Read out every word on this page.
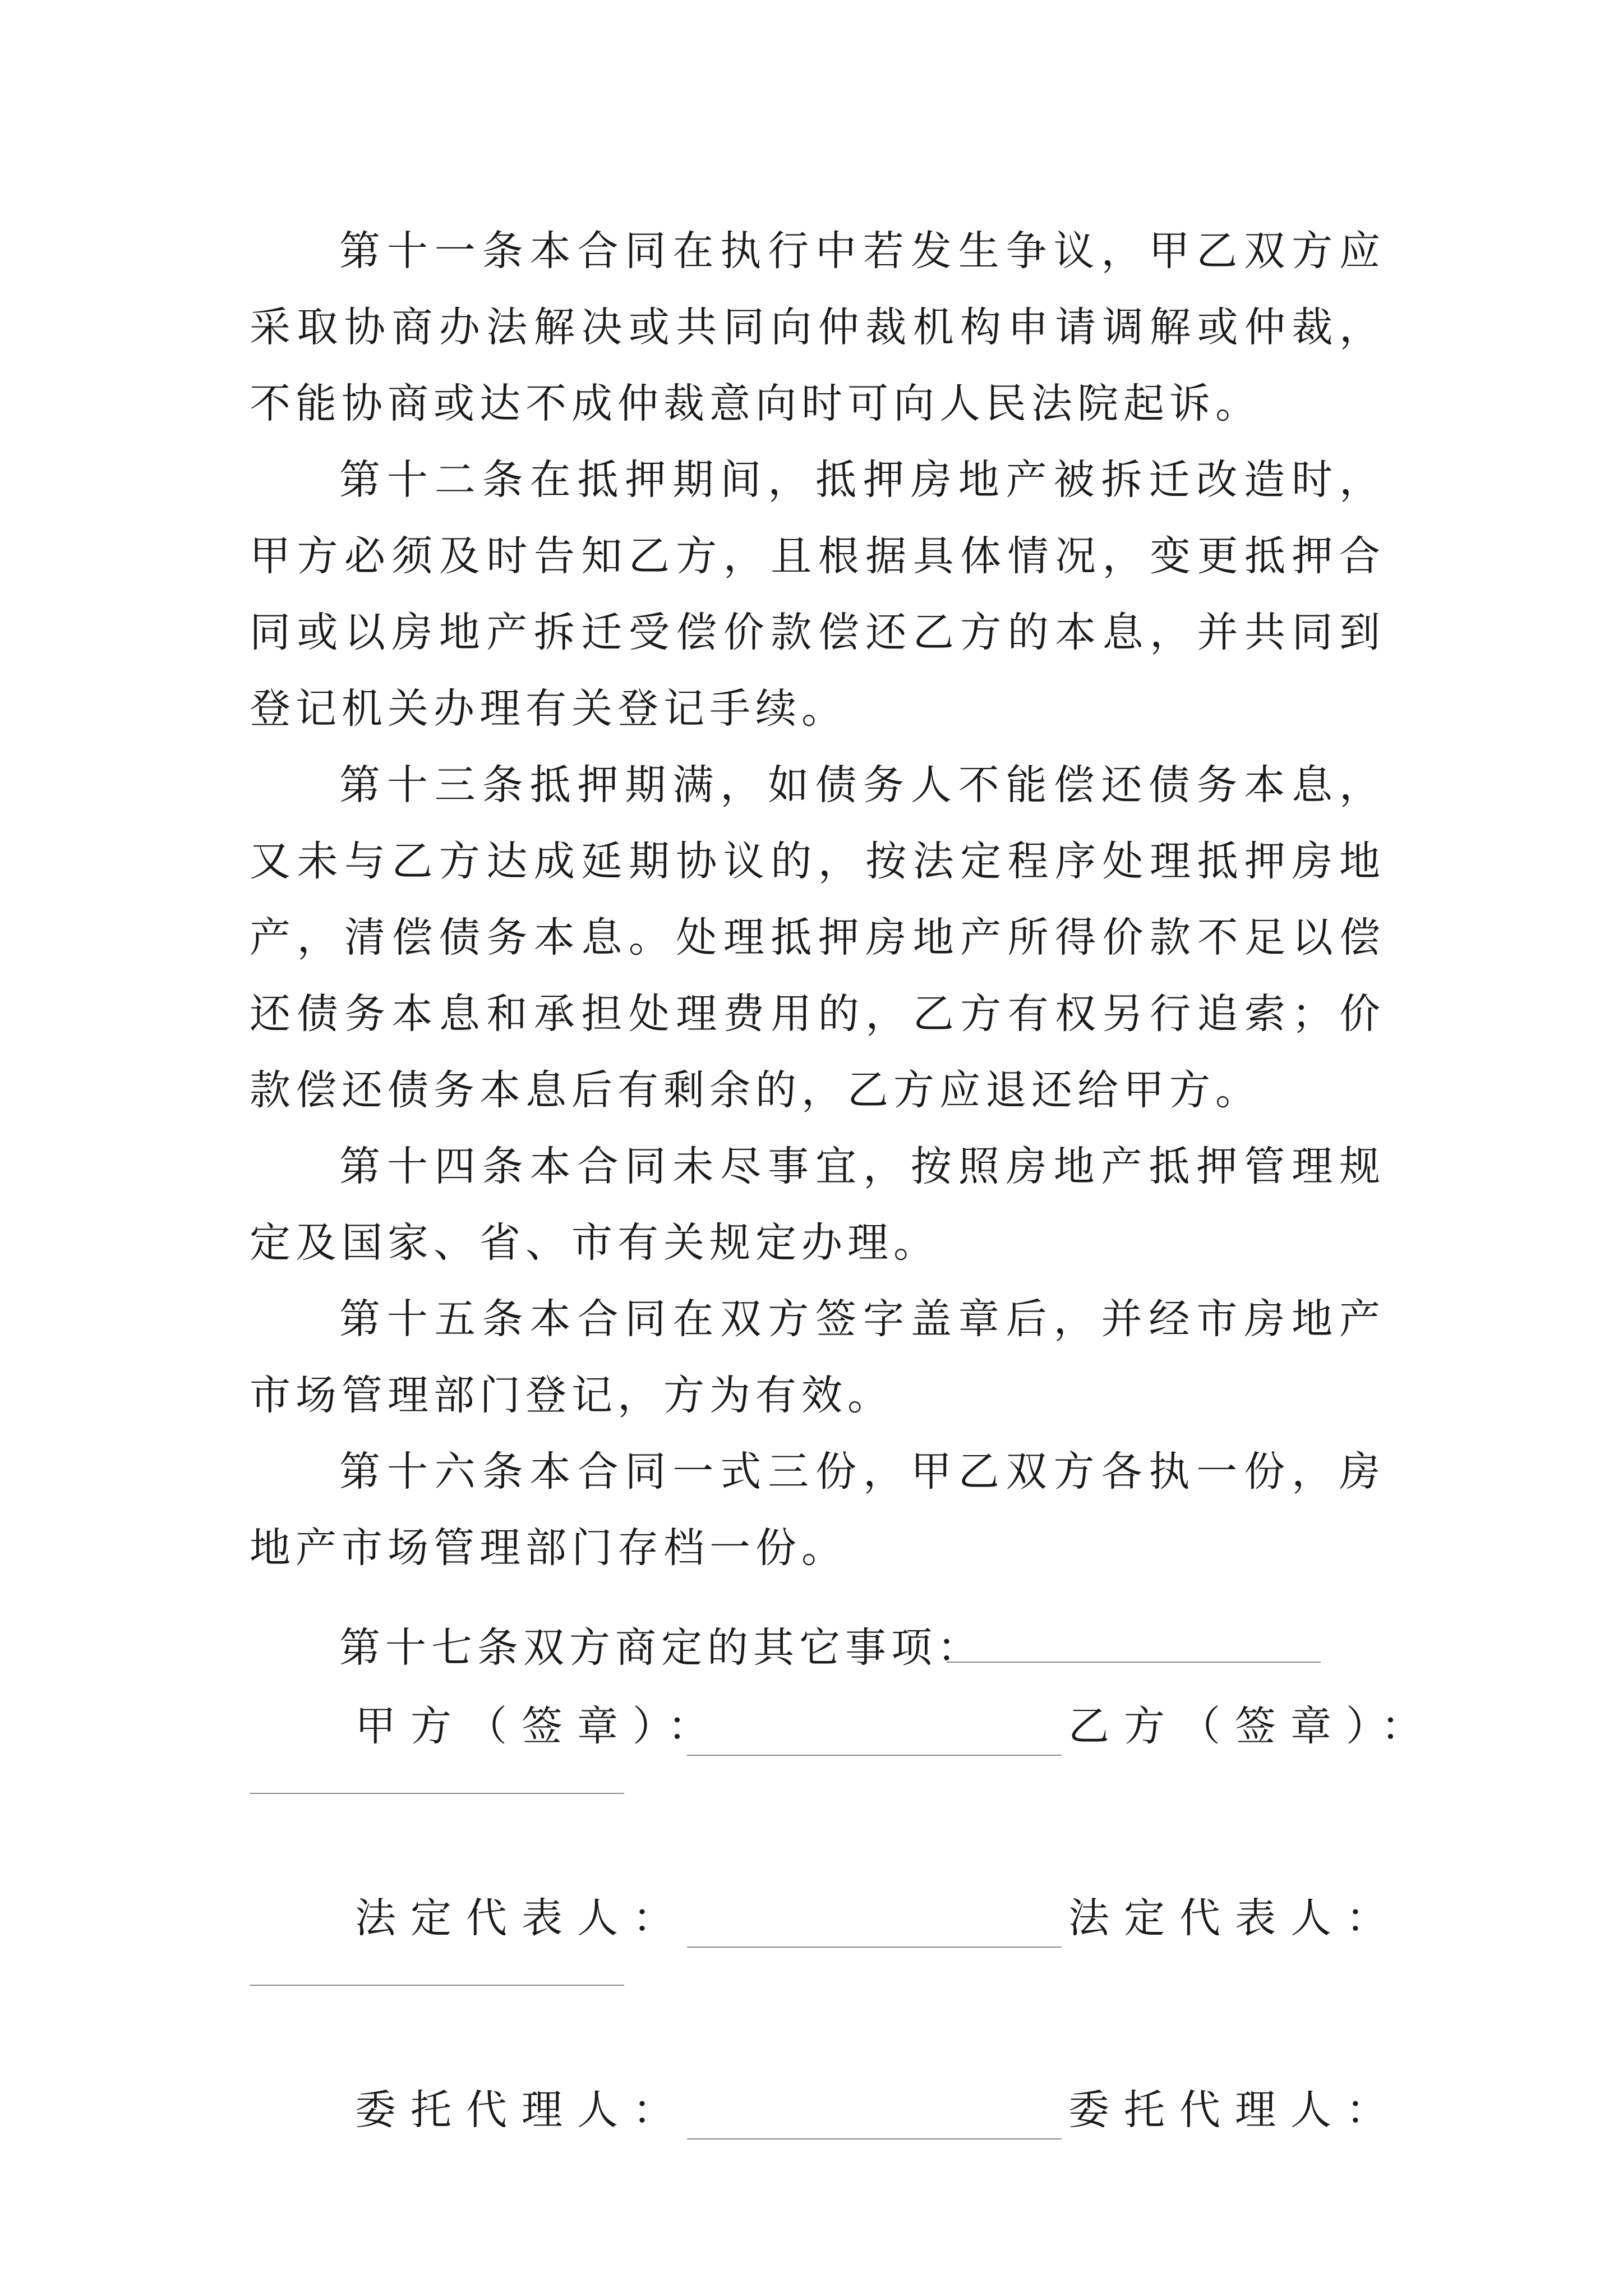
第十一条本合同在执行中若发生争议，甲乙双方应采取协商办法解决或共同向仲裁机构申请调解或仲裁，不能协商或达不成仲裁意向时可向人民法院起诉。

第十二条在抵押期间，抵押房地产被拆迁改造时，甲方必须及时告知乙方，且根据具体情况，变更抵押合同或以房地产拆迁受偿价款偿还乙方的本息，并共同到登记机关办理有关登记手续。

第十三条抵押期满，如债务人不能偿还债务本息，又未与乙方达成延期协议的，按法定程序处理抵押房地产，清偿债务本息。处理抵押房地产所得价款不足以偿还债务本息和承担处理费用的，乙方有权另行追索；价款偿还债务本息后有剩余的，乙方应退还给甲方。

第十四条本合同未尽事宜，按照房地产抵押管理规定及国家、省、市有关规定办理。

第十五条本合同在双方签字盖章后，并经市房地产市场管理部门登记，方为有效。

第十六条本合同一式三份，甲乙双方各执一份，房地产市场管理部门存档一份。

第十七条双方商定的其它事项：
甲方（签章）：	乙方（签章）：
法定代表人：	法定代表人：
委托代理人：	委托代理人：
